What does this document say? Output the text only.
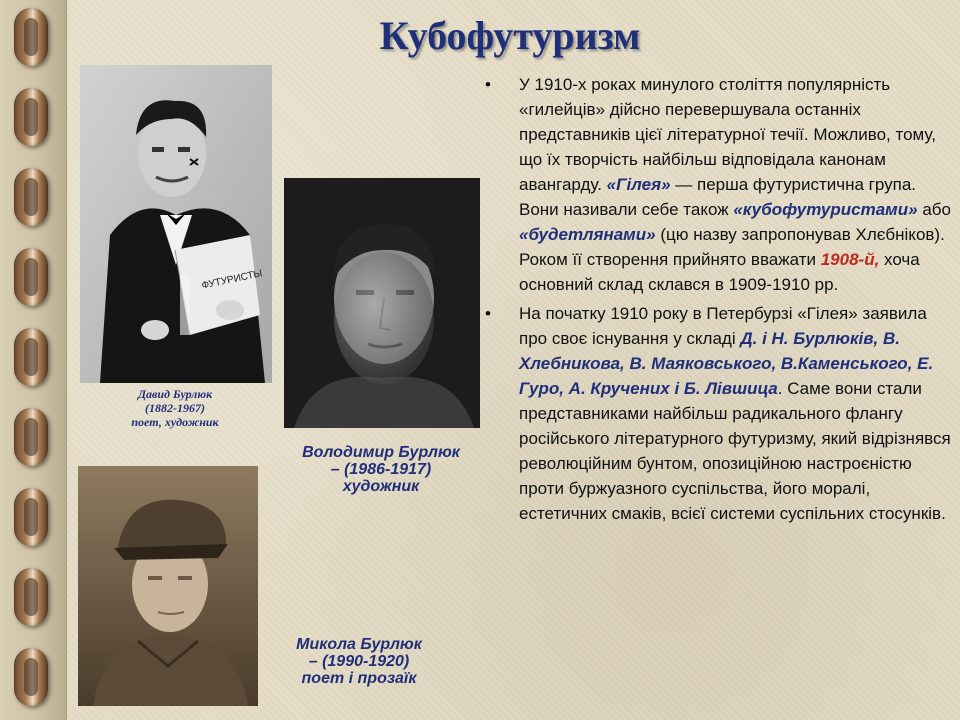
Кубофутуризм
ФУТУРИСТЫ

Давид Бурлюк
(1882-1967)
поет, художник

Володимир Бурлюк
– (1986-1917)
художник

Микола Бурлюк
– (1990-1920)
поет і прозаїк

• У 1910-х роках минулого століття популярність «гилейців» дійсно перевершувала останніх представників цієї літературної течії. Можливо, тому, що їх творчість найбільш відповідала канонам авангарду. «Гілея» — перша футуристична група. Вони називали себе також «кубофутуристами» або «будетлянами» (цю назву запропонував Хлєбніков). Роком її створення прийнято вважати 1908-й, хоча основний склад склався в 1909-1910 рр.

• На початку 1910 року в Петербурзі «Гілея» заявила про своє існування у складі Д. і Н. Бурлюків, В. Хлебникова, В. Маяковського, В.Каменського, Е. Гуро, А. Кручених і Б. Лівшица. Саме вони стали представниками найбільш радикального флангу російського літературного футуризму, який відрізнявся революційним бунтом, опозиційною настроєністю проти буржуазного суспільства, його моралі, естетичних смаків, всієї системи суспільних стосунків.
